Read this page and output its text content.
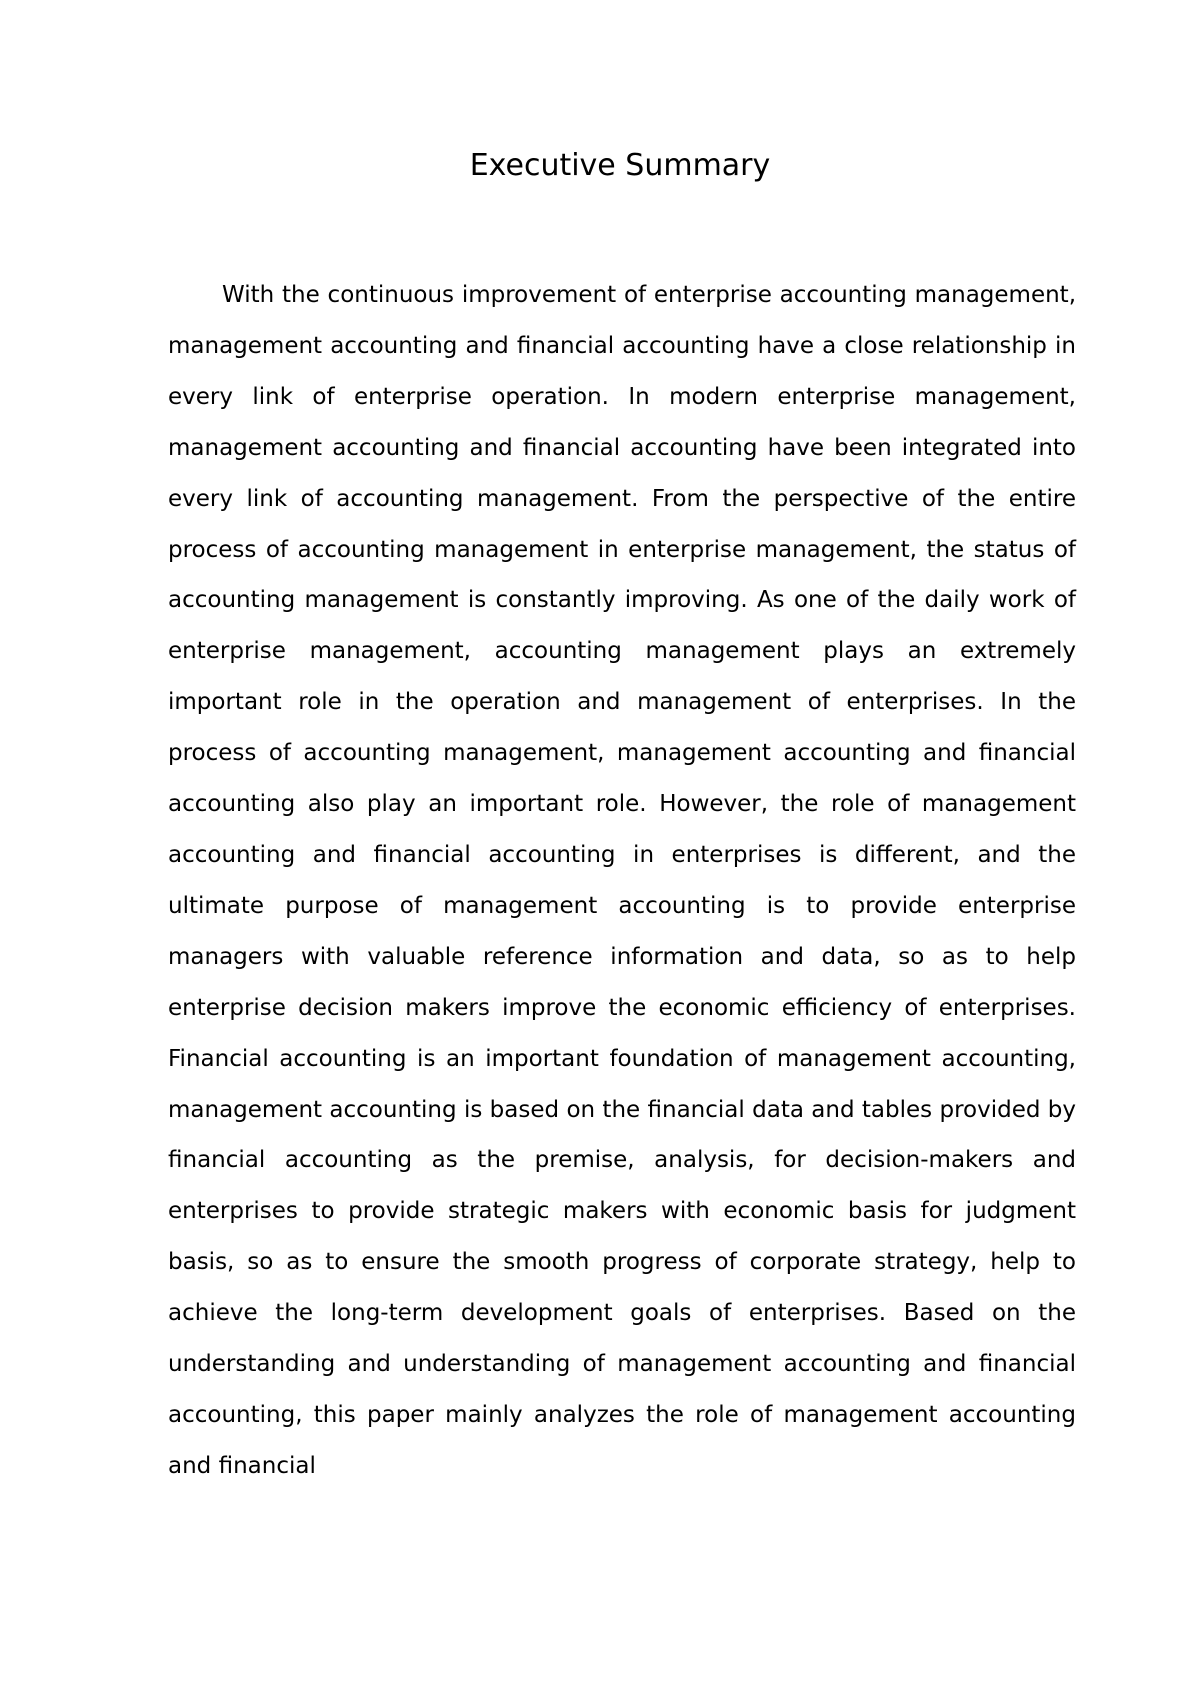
Executive Summary

With the continuous improvement of enterprise accounting management, management accounting and financial accounting have a close relationship in every link of enterprise operation. In modern enterprise management, management accounting and financial accounting have been integrated into every link of accounting management. From the perspective of the entire process of accounting management in enterprise management, the status of accounting management is constantly improving. As one of the daily work of enterprise management, accounting management plays an extremely important role in the operation and management of enterprises. In the process of accounting management, management accounting and financial accounting also play an important role. However, the role of management accounting and financial accounting in enterprises is different, and the ultimate purpose of management accounting is to provide enterprise managers with valuable reference information and data, so as to help enterprise decision makers improve the economic efficiency of enterprises. Financial accounting is an important foundation of management accounting, management accounting is based on the financial data and tables provided by financial accounting as the premise, analysis, for decision-makers and enterprises to provide strategic makers with economic basis for judgment basis, so as to ensure the smooth progress of corporate strategy, help to achieve the long-term development goals of enterprises. Based on the understanding and understanding of management accounting and financial accounting, this paper mainly analyzes the role of management accounting and financial
